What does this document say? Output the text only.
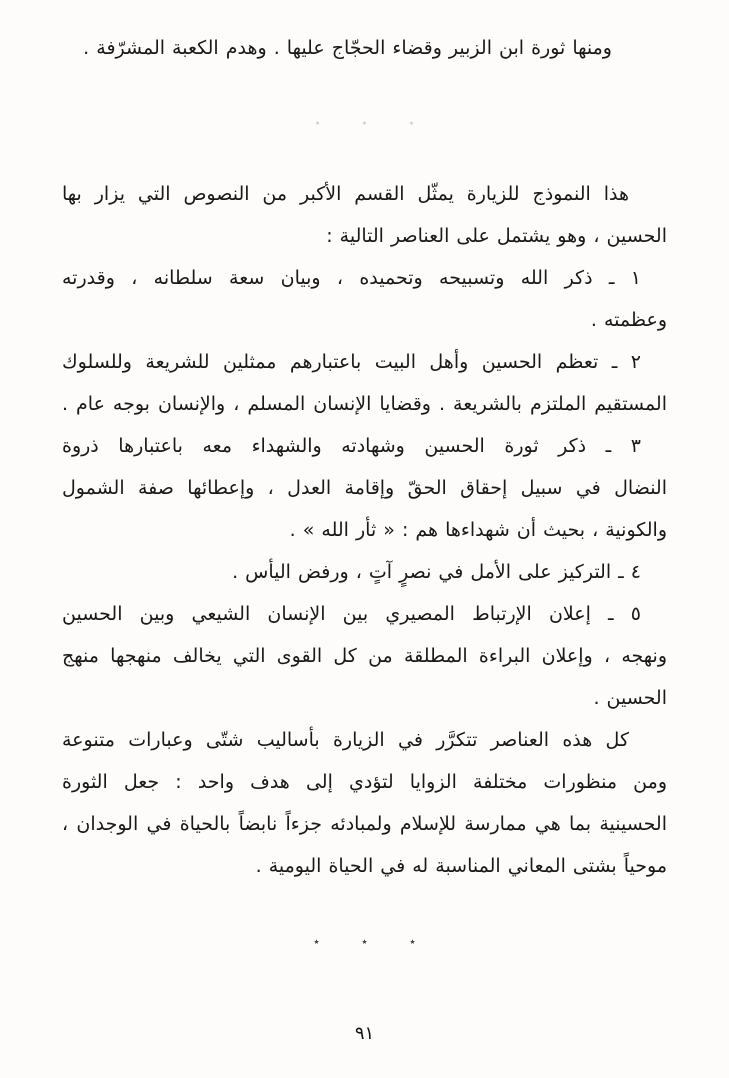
ومنها ثورة ابن الزبير وقضاء الحجّاج عليها . وهدم الكعبة المشرّفة .
٭
٭
٭
هذا النموذج للزيارة يمثّل القسم الأكبر من النصوص التي يزار بها
الحسين ، وهو يشتمل على العناصر التالية :
١ ـ ذكر الله وتسبيحه وتحميده ، وبيان سعة سلطانه ، وقدرته
وعظمته .
٢ ـ تعظم الحسين وأهل البيت باعتبارهم ممثلين للشريعة وللسلوك
المستقيم الملتزم بالشريعة . وقضايا الإنسان المسلم ، والإنسان بوجه عام .
٣ ـ ذكر ثورة الحسين وشهادته والشهداء معه باعتبارها ذروة
النضال في سبيل إحقاق الحقّ وإقامة العدل ، وإعطائها صفة الشمول
والكونية ، بحيث أن شهداءها هم : « ثأر الله » .
٤ ـ التركيز على الأمل في نصرٍ آتٍ ، ورفض اليأس .
٥ ـ إعلان الإرتباط المصيري بين الإنسان الشيعي وبين الحسين
ونهجه ، وإعلان البراءة المطلقة من كل القوى التي يخالف منهجها منهج
الحسين .
كل هذه العناصر تتكرَّر في الزيارة بأساليب شتّى وعبارات متنوعة
ومن منظورات مختلفة الزوايا لتؤدي إلى هدف واحد : جعل الثورة
الحسينية بما هي ممارسة للإسلام ولمبادئه جزءاً نابضاً بالحياة في الوجدان ،
موحياً بشتى المعاني المناسبة له في الحياة اليومية .
٭
٭
٭
٩١
